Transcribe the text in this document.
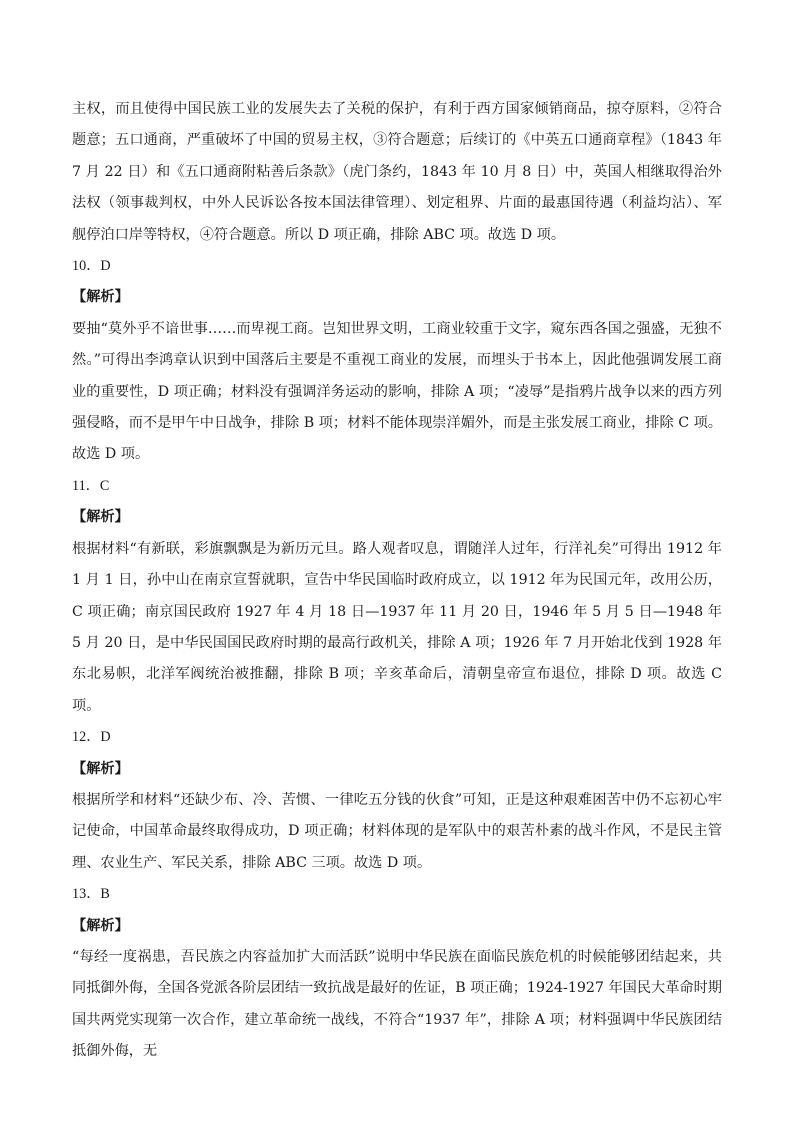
主权，而且使得中国民族工业的发展失去了关税的保护，有利于西方国家倾销商品，掠夺原料，②符合题意；五口通商，严重破坏了中国的贸易主权，③符合题意；后续订的《中英五口通商章程》（1843 年 7 月 22 日）和《五口通商附粘善后条款》（虎门条约，1843 年 10 月 8 日）中，英国人相继取得治外法权（领事裁判权，中外人民诉讼各按本国法律管理）、划定租界、片面的最惠国待遇（利益均沾）、军舰停泊口岸等特权，④符合题意。所以 D 项正确，排除 ABC 项。故选 D 项。

10．D

【解析】

要抽“莫外乎不谙世事……而卑视工商。岂知世界文明，工商业较重于文字，窥东西各国之强盛，无独不然。”可得出李鸿章认识到中国落后主要是不重视工商业的发展，而埋头于书本上，因此他强调发展工商业的重要性，D 项正确；材料没有强调洋务运动的影响，排除 A 项；“凌辱”是指鸦片战争以来的西方列强侵略，而不是甲午中日战争，排除 B 项；材料不能体现崇洋媚外，而是主张发展工商业，排除 C 项。故选 D 项。

11．C

【解析】

根据材料“有新联，彩旗飘飘是为新历元旦。路人观者叹息，谓随洋人过年，行洋礼矣”可得出 1912 年 1 月 1 日，孙中山在南京宣誓就职，宣告中华民国临时政府成立，以 1912 年为民国元年，改用公历，C 项正确；南京国民政府 1927 年 4 月 18 日—1937 年 11 月 20 日，1946 年 5 月 5 日—1948 年 5 月 20 日，是中华民国国民政府时期的最高行政机关，排除 A 项；1926 年 7 月开始北伐到 1928 年东北易帜，北洋军阀统治被推翻，排除 B 项；辛亥革命后，清朝皇帝宣布退位，排除 D 项。故选 C 项。

12．D

【解析】

根据所学和材料“还缺少布、冷、苦惯、一律吃五分钱的伙食”可知，正是这种艰难困苦中仍不忘初心牢记使命，中国革命最终取得成功，D 项正确；材料体现的是军队中的艰苦朴素的战斗作风，不是民主管理、农业生产、军民关系，排除 ABC 三项。故选 D 项。

13．B

【解析】

“每经一度祸患，吾民族之内容益加扩大而活跃”说明中华民族在面临民族危机的时候能够团结起来，共同抵御外侮，全国各党派各阶层团结一致抗战是最好的佐证，B 项正确；1924-1927 年国民大革命时期国共两党实现第一次合作，建立革命统一战线，不符合“1937 年”，排除 A 项；材料强调中华民族团结抵御外侮，无
